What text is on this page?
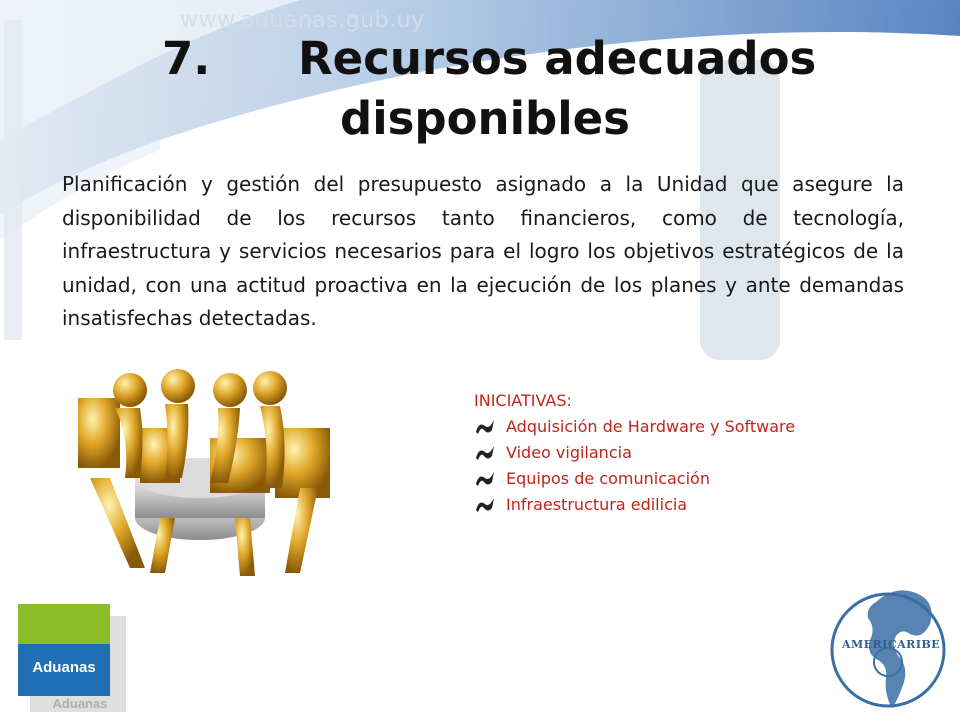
www.aduanas.gub.uy
7. Recursos adecuados
disponibles
Planificación y gestión del presupuesto asignado a la Unidad que asegure la disponibilidad de los recursos tanto financieros, como de tecnología, infraestructura y servicios necesarios para el logro los objetivos estratégicos de la unidad, con una actitud proactiva en la ejecución de los planes y ante demandas insatisfechas detectadas.
INICIATIVAS:
Adquisición de Hardware y Software
Video vigilancia
Equipos de comunicación
Infraestructura edilicia
Aduanas
Aduanas
AMERICARIBE
